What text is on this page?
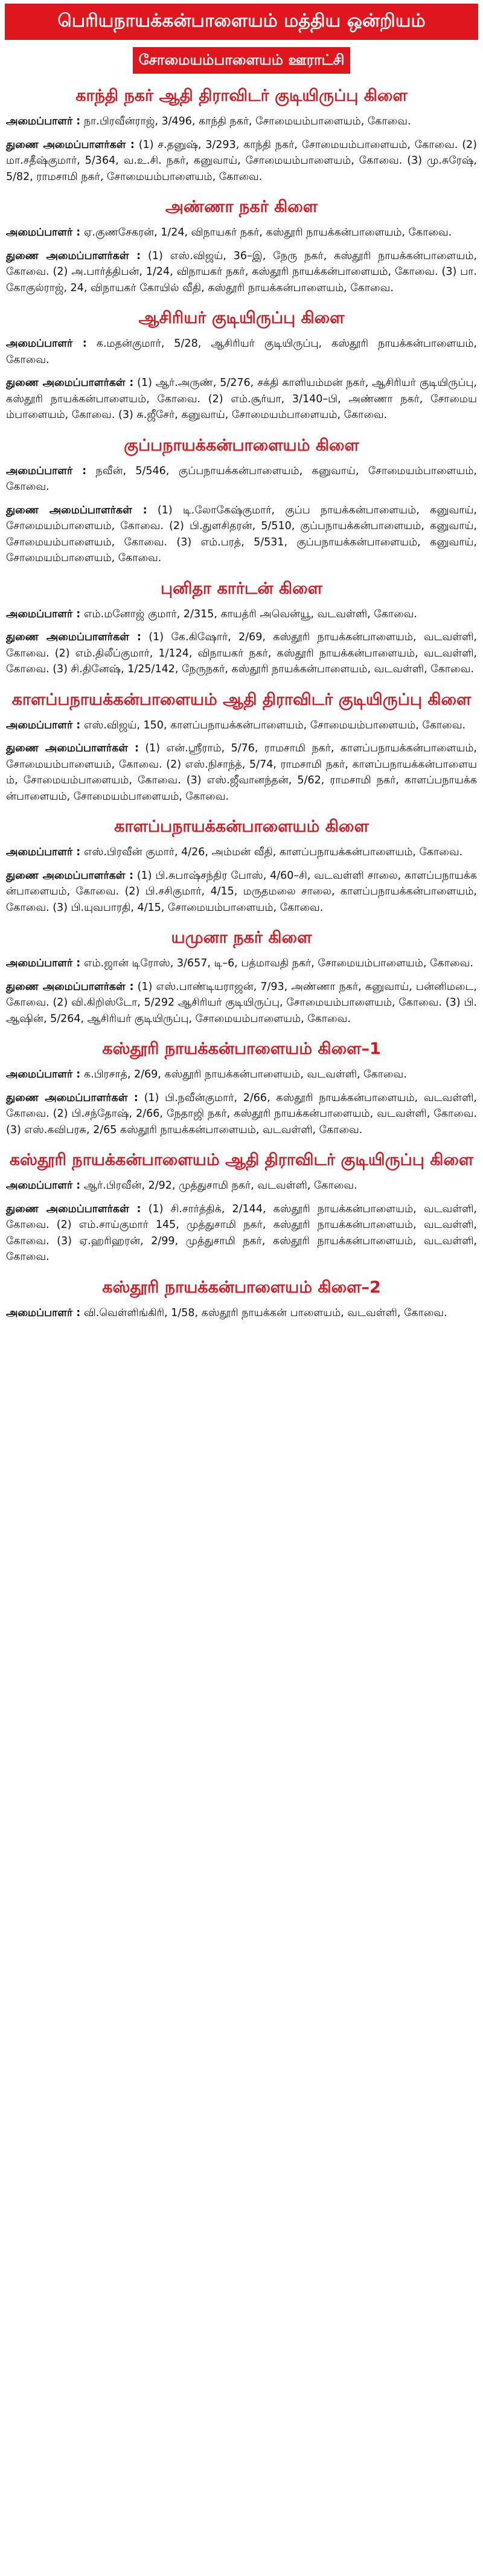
பெரியநாயக்கன்பாளையம் மத்திய ஒன்றியம்
சோமையம்பாளையம் ஊராட்சி
காந்தி நகர் ஆதி திராவிடர் குடியிருப்பு கிளை
அமைப்பாளர் : நா.பிரவீன்ராஜ், 3/496, காந்தி நகர், சோமையம்பாளையம், கோவை.
துணை அமைப்பாளர்கள் : (1) ச.தனுஷ், 3/293, காந்தி நகர், சோமையம்பாளையம், கோவை. (2) மா.சதீஷ்குமார், 5/364, வ.உ.சி. நகர், கனுவாய், சோமையம்பாளையம், கோவை. (3) மு.சுரேஷ், 5/82, ராமசாமி நகர், சோமையம்பாளையம், கோவை.
அண்ணா நகர் கிளை
அமைப்பாளர் : ஏ.குணசேகரன், 1/24, விநாயகர் நகர், கஸ்தூரி நாயக்கன்பாளையம், கோவை.
துணை அமைப்பாளர்கள் : (1) எஸ்.விஜய், 36–இ, நேரு நகர், கஸ்தூரி நாயக்கன்பாளையம், கோவை. (2) அ.பார்த்திபன், 1/24, விநாயகர் நகர், கஸ்தூரி நாயக்கன்பாளையம், கோவை. (3) பா.கோகுல்ராஜ், 24, விநாயகர் கோயில் வீதி, கஸ்தூரி நாயக்கன்பாளையம், கோவை.
ஆசிரியர் குடியிருப்பு கிளை
அமைப்பாளர் : க.மதன்குமார், 5/28, ஆசிரியர் குடியிருப்பு, கஸ்தூரி நாயக்கன்பாளையம், கோவை.
துணை அமைப்பாளர்கள் : (1) ஆர்.அருண், 5/276, சக்தி காளியம்மன் நகர், ஆசிரியர் குடியிருப்பு, கஸ்தூரி நாயக்கன்பாளையம், கோவை. (2) எம்.சூர்யா, 3/140–பி, அண்ணா நகர், சோமையம்பாளையம், கோவை. (3) சு.ஜீசேர், கனுவாய், சோமையம்பாளையம், கோவை.
குப்பநாயக்கன்பாளையம் கிளை
அமைப்பாளர் : நவீன், 5/546, குப்பநாயக்கன்பாளையம், கனுவாய், சோமையம்பாளையம், கோவை.
துணை அமைப்பாளர்கள் : (1) டி.லோகேஷ்குமார், குப்ப நாயக்கன்பாளையம், கனுவாய், சோமையம்பாளையம், கோவை. (2) பி.துளசிதரன், 5/510, குப்பநாயக்கன்பாளையம், கனுவாய், சோமையம்பாளையம், கோவை. (3) எம்.பரத், 5/531, குப்பநாயக்கன்பாளையம், கனுவாய், சோமையம்பாளையம், கோவை.
புனிதா கார்டன் கிளை
அமைப்பாளர் : எம்.மனோஜ் குமார், 2/315, காயத்ரி அவென்யூ, வடவள்ளி, கோவை.
துணை அமைப்பாளர்கள் : (1) கே.கிஷோர், 2/69, கஸ்தூரி நாயக்கன்பாளையம், வடவள்ளி, கோவை. (2) எம்.திலீப்குமார், 1/124, விநாயகர் நகர், கஸ்தூரி நாயக்கன்பாளையம், வடவள்ளி, கோவை. (3) சி.தினேஷ், 1/25/142, நேருநகர், கஸ்தூரி நாயக்கன்பாளையம், வடவள்ளி, கோவை.
காளப்பநாயக்கன்பாளையம் ஆதி திராவிடர் குடியிருப்பு கிளை
அமைப்பாளர் : எஸ்.விஜய், 150, காளப்பநாயக்கன்பாளையம், சோமையம்பாளையம், கோவை.
துணை அமைப்பாளர்கள் : (1) என்.ஸ்ரீராம், 5/76, ராமசாமி நகர், காளப்பநாயக்கன்பாளையம், சோமையம்பாளையம், கோவை. (2) எஸ்.நிசாந்த், 5/74, ராமசாமி நகர், காளப்பநாயக்கன்பாளையம், சோமையம்பாளையம், கோவை. (3) எஸ்.ஜீவானந்தன், 5/62, ராமசாமி நகர், காளப்பநாயக்கன்பாளையம், சோமையம்பாளையம், கோவை.
காளப்பநாயக்கன்பாளையம் கிளை
அமைப்பாளர் : எஸ்.பிரவீன் குமார், 4/26, அம்மன் வீதி, காளப்பநாயக்கன்பாளையம், கோவை.
துணை அமைப்பாளர்கள் : (1) பி.சுபாஷ்சந்திர போஸ், 4/60–சி, வடவள்ளி சாலை, காளப்பநாயக்கன்பாளையம், கோவை. (2) பி.சசிகுமார், 4/15, மருதமலை சாலை, காளப்பநாயக்கன்பாளையம், கோவை. (3) பி.யுவபாரதி, 4/15, சோமையம்பாளையம், கோவை.
யமுனா நகர் கிளை
அமைப்பாளர் : எம்.ஜான் டிரோஸ், 3/657, டி–6, பத்மாவதி நகர், சோமையம்பாளையம், கோவை.
துணை அமைப்பாளர்கள் : (1) எஸ்.பாண்டியராஜன், 7/93, அண்ணா நகர், கனுவாய், பன்னிமடை, கோவை. (2) வி.கிறிஸ்டோ, 5/292 ஆசிரியர் குடியிருப்பு, சோமையம்பாளையம், கோவை. (3) பி.ஆஷின், 5/264, ஆசிரியர் குடியிருப்பு, சோமையம்பாளையம், கோவை.
கஸ்தூரி நாயக்கன்பாளையம் கிளை–1
அமைப்பாளர் : க.பிரசாத், 2/69, கஸ்தூரி நாயக்கன்பாளையம், வடவள்ளி, கோவை.
துணை அமைப்பாளர்கள் : (1) பி.நவீன்குமார், 2/66, கஸ்தூரி நாயக்கன்பாளையம், வடவள்ளி, கோவை. (2) பி.சந்தோஷ், 2/66, நேதாஜி நகர், கஸ்தூரி நாயக்கன்பாளையம், வடவள்ளி, கோவை. (3) எஸ்.கவிபரசு, 2/65 கஸ்தூரி நாயக்கன்பாளையம், வடவள்ளி, கோவை.
கஸ்தூரி நாயக்கன்பாளையம் ஆதி திராவிடர் குடியிருப்பு கிளை
அமைப்பாளர் : ஆர்.பிரவீன், 2/92, முத்துசாமி நகர், வடவள்ளி, கோவை.
துணை அமைப்பாளர்கள் : (1) சி.சார்த்திக், 2/144, கஸ்தூரி நாயக்கன்பாளையம், வடவள்ளி, கோவை. (2) எம்.சாய்குமார் 145, முத்துசாமி நகர், கஸ்தூரி நாயக்கன்பாளையம், வடவள்ளி, கோவை. (3) ஏ.ஹரிஹரன், 2/99, முத்துசாமி நகர், கஸ்தூரி நாயக்கன்பாளையம், வடவள்ளி, கோவை.
கஸ்தூரி நாயக்கன்பாளையம் கிளை–2
அமைப்பாளர் : வி.வெள்ளிங்கிரி, 1/58, கஸ்தூரி நாயக்கன் பாளையம், வடவள்ளி, கோவை.
